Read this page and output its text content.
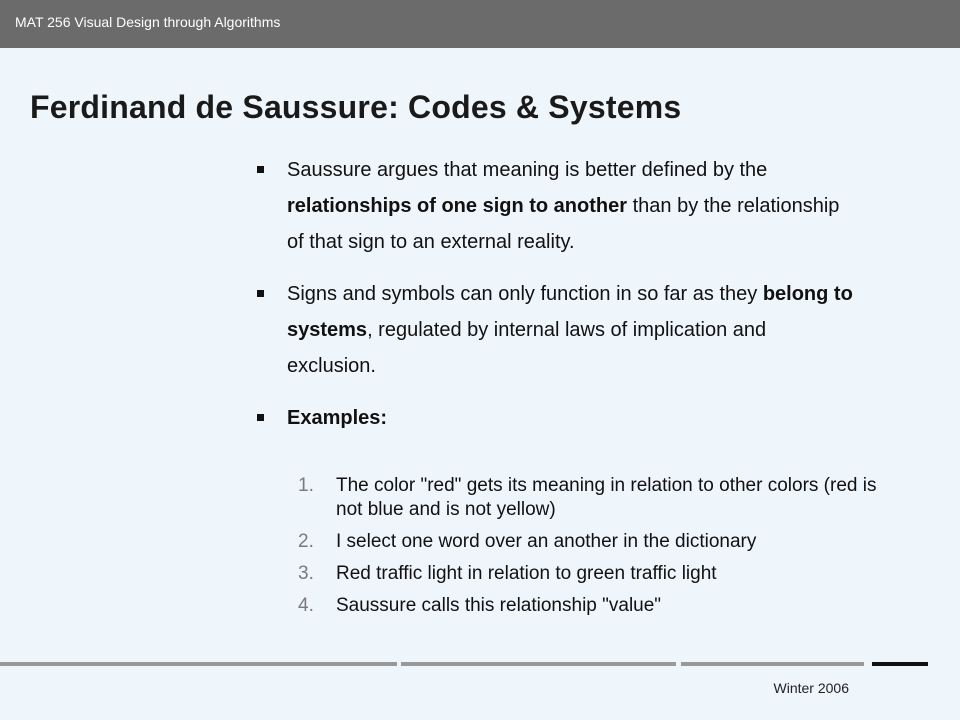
MAT 256 Visual Design through Algorithms
Ferdinand de Saussure: Codes & Systems
Saussure argues that meaning is better defined by the relationships of one sign to another than by the relationship of that sign to an external reality.
Signs and symbols can only function in so far as they belong to systems, regulated by internal laws of implication and exclusion.
Examples:
1. The color "red" gets its meaning in relation to other colors (red is not blue and is not yellow)
2. I select one word over an another in the dictionary
3. Red traffic light in relation to green traffic light
4. Saussure calls this relationship "value"
Winter 2006
